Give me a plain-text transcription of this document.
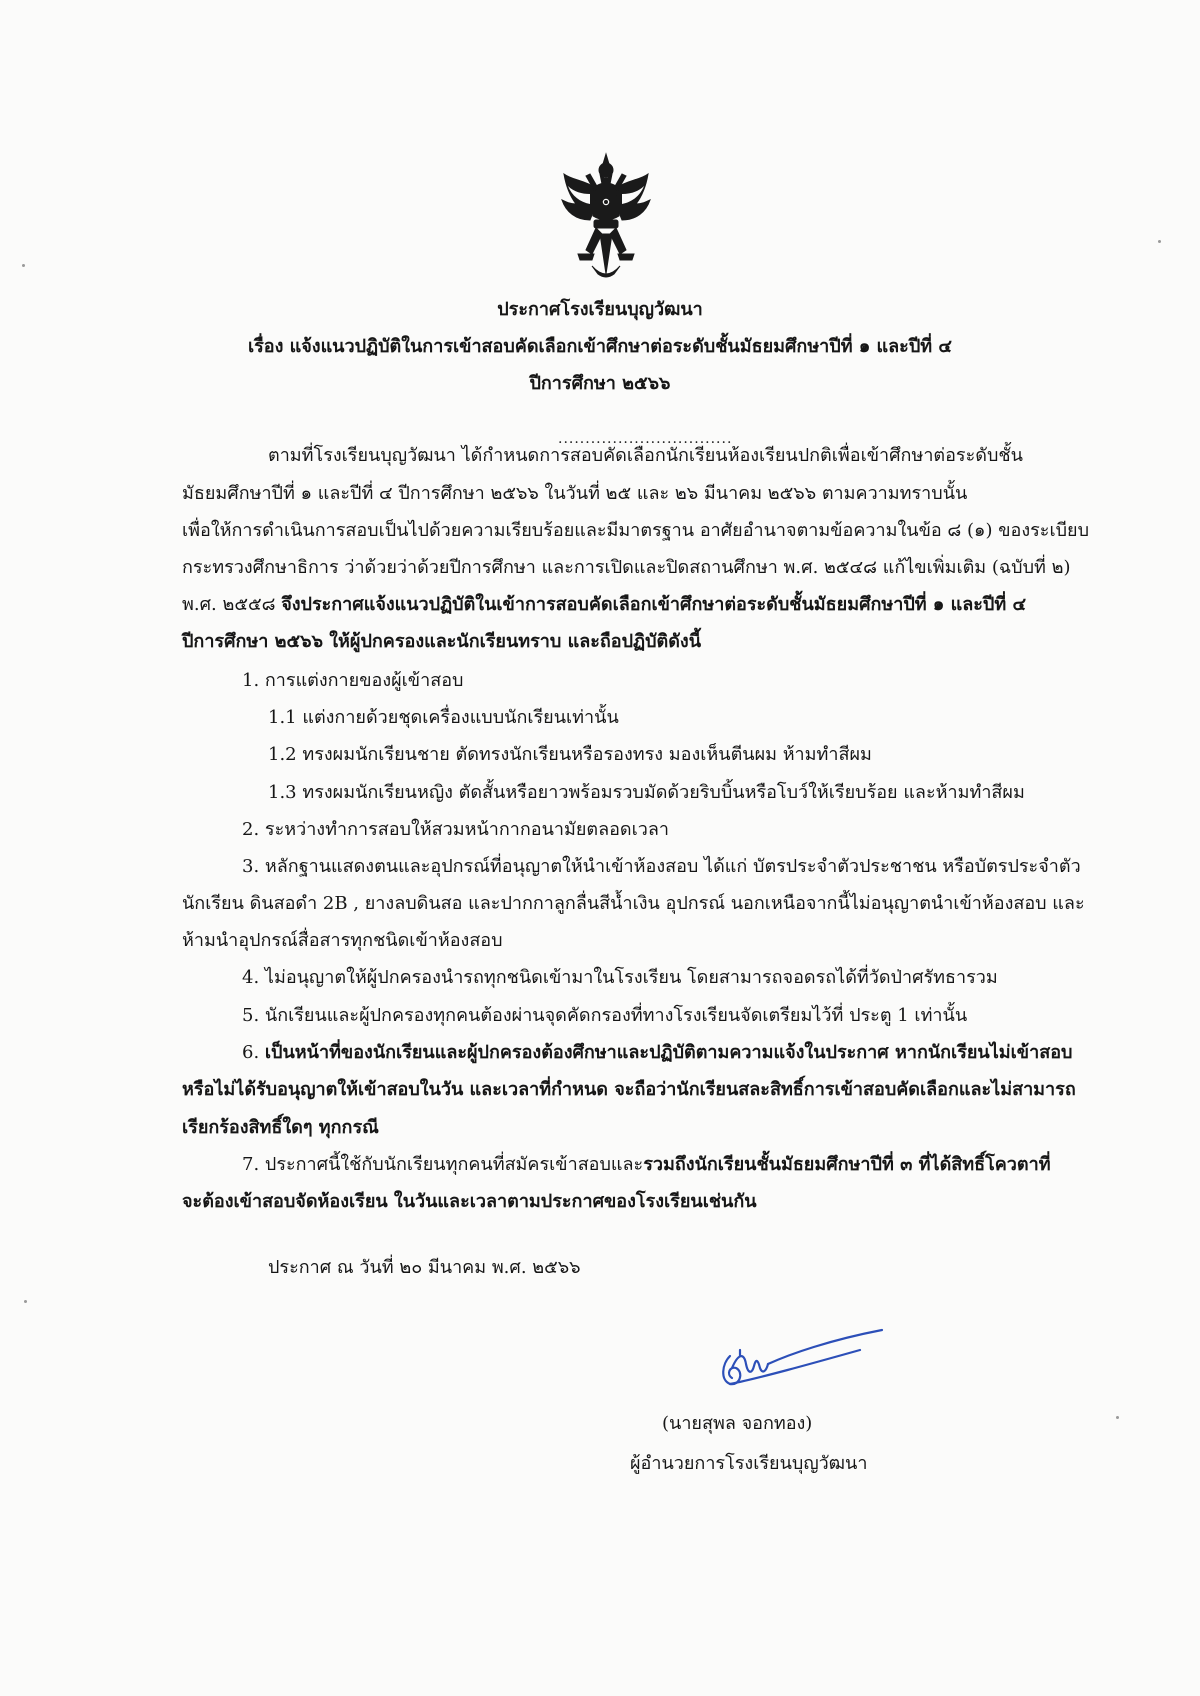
ประกาศโรงเรียนบุญวัฒนา
เรื่อง แจ้งแนวปฏิบัติในการเข้าสอบคัดเลือกเข้าศึกษาต่อระดับชั้นมัธยมศึกษาปีที่ ๑ และปีที่ ๔
ปีการศึกษา ๒๕๖๖
................................
ตามที่โรงเรียนบุญวัฒนา ได้กำหนดการสอบคัดเลือกนักเรียนห้องเรียนปกติเพื่อเข้าศึกษาต่อระดับชั้น
มัธยมศึกษาปีที่ ๑ และปีที่ ๔ ปีการศึกษา ๒๕๖๖ ในวันที่ ๒๕ และ ๒๖ มีนาคม ๒๕๖๖ ตามความทราบนั้น
เพื่อให้การดำเนินการสอบเป็นไปด้วยความเรียบร้อยและมีมาตรฐาน อาศัยอำนาจตามข้อความในข้อ ๘ (๑) ของระเบียบ
กระทรวงศึกษาธิการ ว่าด้วยว่าด้วยปีการศึกษา และการเปิดและปิดสถานศึกษา พ.ศ. ๒๕๔๘ แก้ไขเพิ่มเติม (ฉบับที่ ๒)
พ.ศ. ๒๕๕๘ จึงประกาศแจ้งแนวปฏิบัติในเข้าการสอบคัดเลือกเข้าศึกษาต่อระดับชั้นมัธยมศึกษาปีที่ ๑ และปีที่ ๔
ปีการศึกษา ๒๕๖๖ ให้ผู้ปกครองและนักเรียนทราบ และถือปฏิบัติดังนี้
1. การแต่งกายของผู้เข้าสอบ
1.1 แต่งกายด้วยชุดเครื่องแบบนักเรียนเท่านั้น
1.2 ทรงผมนักเรียนชาย ตัดทรงนักเรียนหรือรองทรง มองเห็นตีนผม ห้ามทำสีผม
1.3 ทรงผมนักเรียนหญิง ตัดสั้นหรือยาวพร้อมรวบมัดด้วยริบบิ้นหรือโบว์ให้เรียบร้อย และห้ามทำสีผม
2. ระหว่างทำการสอบให้สวมหน้ากากอนามัยตลอดเวลา
3. หลักฐานแสดงตนและอุปกรณ์ที่อนุญาตให้นำเข้าห้องสอบ ได้แก่ บัตรประจำตัวประชาชน หรือบัตรประจำตัว
นักเรียน ดินสอดำ 2B , ยางลบดินสอ และปากกาลูกลื่นสีน้ำเงิน อุปกรณ์ นอกเหนือจากนี้ไม่อนุญาตนำเข้าห้องสอบ และ
ห้ามนำอุปกรณ์สื่อสารทุกชนิดเข้าห้องสอบ
4. ไม่อนุญาตให้ผู้ปกครองนำรถทุกชนิดเข้ามาในโรงเรียน โดยสามารถจอดรถได้ที่วัดป่าศรัทธารวม
5. นักเรียนและผู้ปกครองทุกคนต้องผ่านจุดคัดกรองที่ทางโรงเรียนจัดเตรียมไว้ที่ ประตู 1 เท่านั้น
6. เป็นหน้าที่ของนักเรียนและผู้ปกครองต้องศึกษาและปฏิบัติตามความแจ้งในประกาศ หากนักเรียนไม่เข้าสอบ
หรือไม่ได้รับอนุญาตให้เข้าสอบในวัน และเวลาที่กำหนด จะถือว่านักเรียนสละสิทธิ์การเข้าสอบคัดเลือกและไม่สามารถ
เรียกร้องสิทธิ์ใดๆ ทุกกรณี
7. ประกาศนี้ใช้กับนักเรียนทุกคนที่สมัครเข้าสอบและรวมถึงนักเรียนชั้นมัธยมศึกษาปีที่ ๓ ที่ได้สิทธิ์โควตาที่
จะต้องเข้าสอบจัดห้องเรียน ในวันและเวลาตามประกาศของโรงเรียนเช่นกัน
ประกาศ ณ วันที่ ๒๐ มีนาคม พ.ศ. ๒๕๖๖
(นายสุพล จอกทอง)
ผู้อำนวยการโรงเรียนบุญวัฒนา
